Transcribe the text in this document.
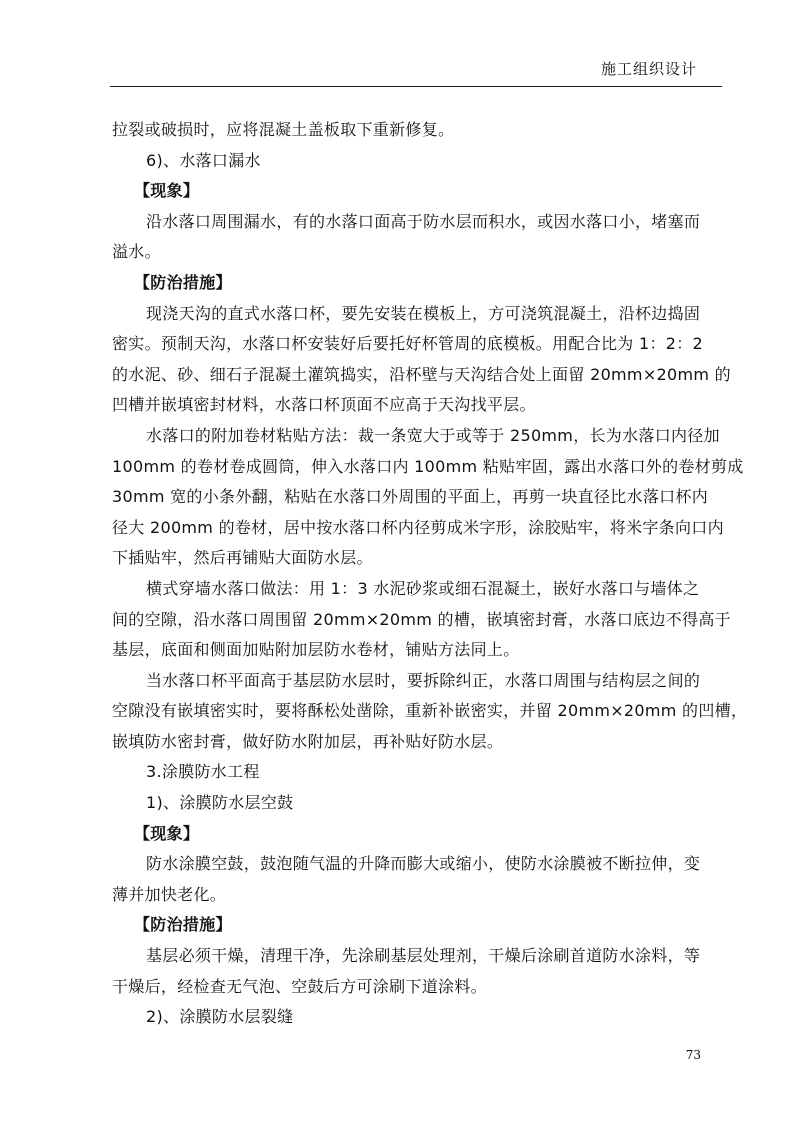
施工组织设计
拉裂或破损时，应将混凝土盖板取下重新修复。
6)、水落口漏水
【现象】
沿水落口周围漏水，有的水落口面高于防水层而积水，或因水落口小，堵塞而
溢水。
【防治措施】
现浇天沟的直式水落口杯，要先安装在模板上，方可浇筑混凝土，沿杯边捣固
密实。预制天沟，水落口杯安装好后要托好杯管周的底模板。用配合比为 1：2：2
的水泥、砂、细石子混凝土灌筑捣实，沿杯壁与天沟结合处上面留 20mm×20mm 的
凹槽并嵌填密封材料，水落口杯顶面不应高于天沟找平层。
水落口的附加卷材粘贴方法：裁一条宽大于或等于 250mm，长为水落口内径加
100mm 的卷材卷成圆筒，伸入水落口内 100mm 粘贴牢固，露出水落口外的卷材剪成
30mm 宽的小条外翻，粘贴在水落口外周围的平面上，再剪一块直径比水落口杯内
径大 200mm 的卷材，居中按水落口杯内径剪成米字形，涂胶贴牢，将米字条向口内
下插贴牢，然后再铺贴大面防水层。
横式穿墙水落口做法：用 1：3 水泥砂浆或细石混凝土，嵌好水落口与墙体之
间的空隙，沿水落口周围留 20mm×20mm 的槽，嵌填密封膏，水落口底边不得高于
基层，底面和侧面加贴附加层防水卷材，铺贴方法同上。
当水落口杯平面高于基层防水层时，要拆除纠正，水落口周围与结构层之间的
空隙没有嵌填密实时，要将酥松处凿除，重新补嵌密实，并留 20mm×20mm 的凹槽，
嵌填防水密封膏，做好防水附加层，再补贴好防水层。
3.涂膜防水工程
1)、涂膜防水层空鼓
【现象】
防水涂膜空鼓，鼓泡随气温的升降而膨大或缩小，使防水涂膜被不断拉伸，变
薄并加快老化。
【防治措施】
基层必须干燥，清理干净，先涂刷基层处理剂，干燥后涂刷首道防水涂料，等
干燥后，经检查无气泡、空鼓后方可涂刷下道涂料。
2)、涂膜防水层裂缝
73
